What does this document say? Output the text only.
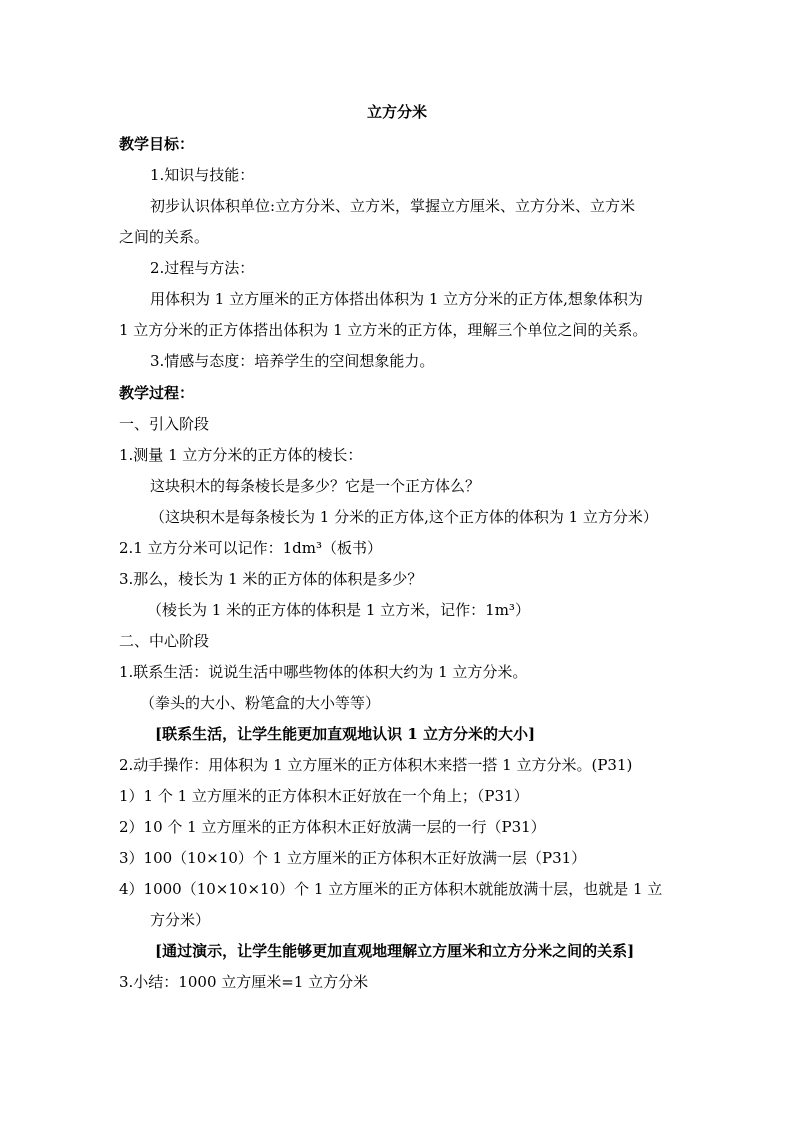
立方分米
教学目标：
1.知识与技能：
初步认识体积单位:立方分米、立方米，掌握立方厘米、立方分米、立方米
之间的关系。
2.过程与方法：
用体积为 1 立方厘米的正方体搭出体积为 1 立方分米的正方体,想象体积为
1 立方分米的正方体搭出体积为 1 立方米的正方体，理解三个单位之间的关系。
3.情感与态度：培养学生的空间想象能力。
教学过程：
一、引入阶段
1.测量 1 立方分米的正方体的棱长：
这块积木的每条棱长是多少？它是一个正方体么？
（这块积木是每条棱长为 1 分米的正方体,这个正方体的体积为 1 立方分米）
2.1 立方分米可以记作：1dm³（板书）
3.那么，棱长为 1 米的正方体的体积是多少？
（棱长为 1 米的正方体的体积是 1 立方米，记作：1m³）
二、中心阶段
1.联系生活：说说生活中哪些物体的体积大约为 1 立方分米。
（拳头的大小、粉笔盒的大小等等）
[联系生活，让学生能更加直观地认识 1 立方分米的大小]
2.动手操作：用体积为 1 立方厘米的正方体积木来搭一搭 1 立方分米。(P31)
1）1 个 1 立方厘米的正方体积木正好放在一个角上；（P31）
2）10 个 1 立方厘米的正方体积木正好放满一层的一行（P31）
3）100（10×10）个 1 立方厘米的正方体积木正好放满一层（P31）
4）1000（10×10×10）个 1 立方厘米的正方体积木就能放满十层，也就是 1 立
方分米）
[通过演示，让学生能够更加直观地理解立方厘米和立方分米之间的关系]
3.小结：1000 立方厘米=1 立方分米
